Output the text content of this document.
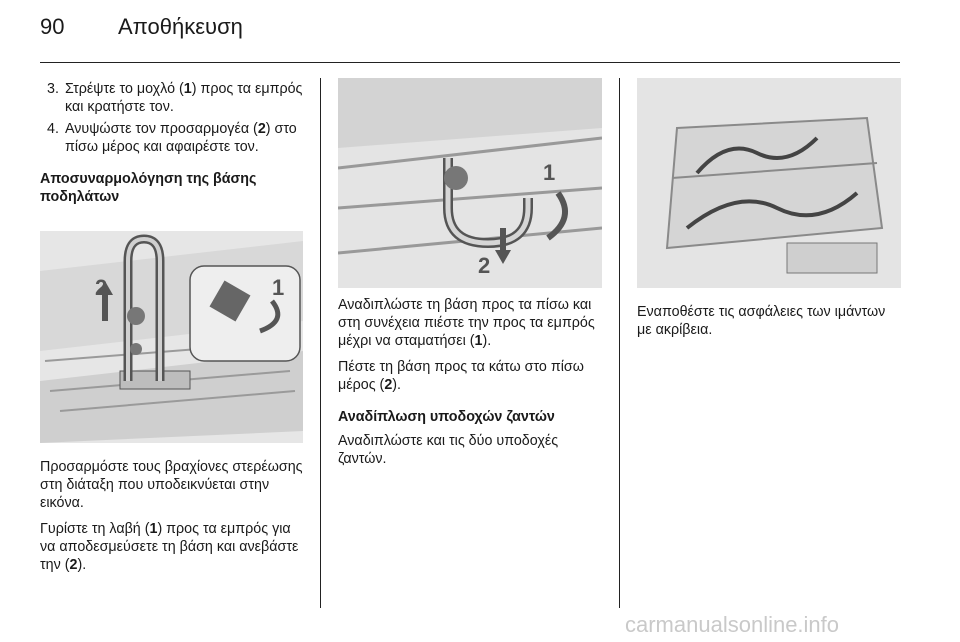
90 Αποθήκευση
3. Στρέψτε το μοχλό (1) προς τα εμπρός και κρατήστε τον.
4. Ανυψώστε τον προσαρμογέα (2) στο πίσω μέρος και αφαιρέστε τον.
Αποσυναρμολόγηση της βάσης ποδηλάτων
2	1

Προσαρμόστε τους βραχίονες στερέωσης στη διάταξη που υποδεικνύεται στην εικόνα.

Γυρίστε τη λαβή (1) προς τα εμπρός για να αποδεσμεύσετε τη βάση και ανεβάστε την (2).

1
2

Αναδιπλώστε τη βάση προς τα πίσω και στη συνέχεια πιέστε την προς τα εμπρός μέχρι να σταματήσει (1).

Πέστε τη βάση προς τα κάτω στο πίσω μέρος (2).

Αναδίπλωση υποδοχών ζαντών

Αναδιπλώστε και τις δύο υποδοχές ζαντών.

Εναποθέστε τις ασφάλειες των ιμάντων με ακρίβεια.

carmanualsonline.info
